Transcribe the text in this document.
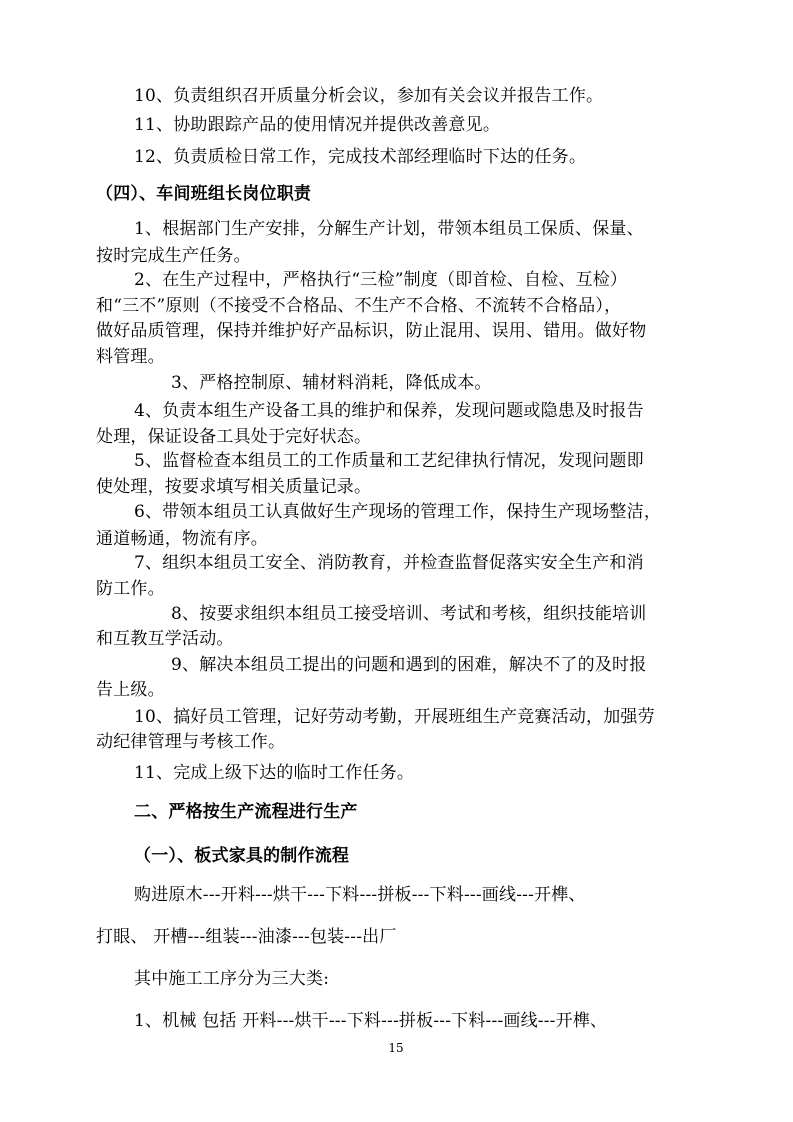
10、负责组织召开质量分析会议，参加有关会议并报告工作。
11、协助跟踪产品的使用情况并提供改善意见。
12、负责质检日常工作，完成技术部经理临时下达的任务。
（四）、车间班组长岗位职责
1、根据部门生产安排，分解生产计划，带领本组员工保质、保量、
按时完成生产任务。
2、在生产过程中，严格执行“三检”制度（即首检、自检、互检）
和“三不”原则（不接受不合格品、不生产不合格、不流转不合格品），
做好品质管理，保持并维护好产品标识，防止混用、误用、错用。做好物
料管理。
3、严格控制原、辅材料消耗，降低成本。
4、负责本组生产设备工具的维护和保养，发现问题或隐患及时报告
处理，保证设备工具处于完好状态。
5、监督检查本组员工的工作质量和工艺纪律执行情况，发现问题即
使处理，按要求填写相关质量记录。
6、带领本组员工认真做好生产现场的管理工作，保持生产现场整洁，
通道畅通，物流有序。
7、组织本组员工安全、消防教育，并检查监督促落实安全生产和消
防工作。
8、按要求组织本组员工接受培训、考试和考核，组织技能培训
和互教互学活动。
9、解决本组员工提出的问题和遇到的困难，解决不了的及时报
告上级。
10、搞好员工管理，记好劳动考勤，开展班组生产竞赛活动，加强劳
动纪律管理与考核工作。
11、完成上级下达的临时工作任务。
二、严格按生产流程进行生产
（一）、板式家具的制作流程
购进原木---开料---烘干---下料---拼板---下料---画线---开榫、
打眼、 开槽---组装---油漆---包装---出厂
其中施工工序分为三大类:
1、机械 包括 开料---烘干---下料---拼板---下料---画线---开榫、
15
